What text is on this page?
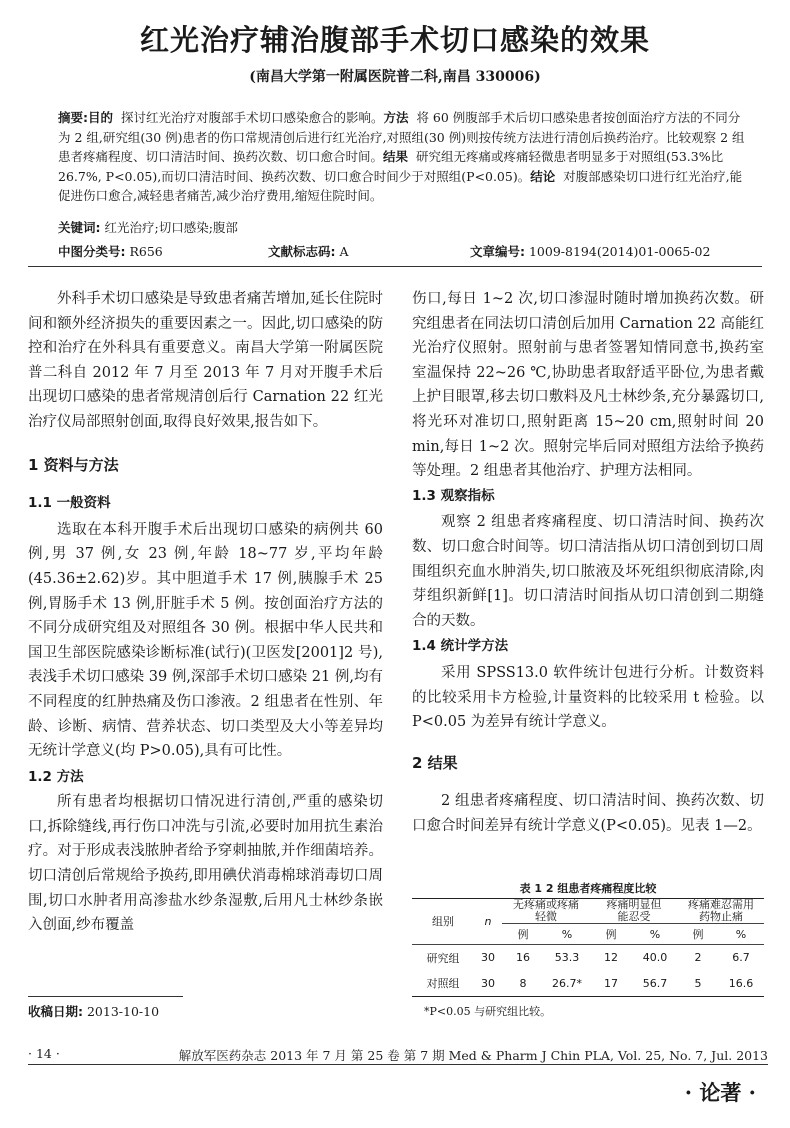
红光治疗辅治腹部手术切口感染的效果
(南昌大学第一附属医院普二科,南昌 330006)

摘要:目的 探讨红光治疗对腹部手术切口感染愈合的影响。方法 将 60 例腹部手术后切口感染患者按创面治疗方法的不同分为 2 组,研究组(30 例)患者的伤口常规清创后进行红光治疗,对照组(30 例)则按传统方法进行清创后换药治疗。比较观察 2 组患者疼痛程度、切口清洁时间、换药次数、切口愈合时间。结果 研究组无疼痛或疼痛轻微患者明显多于对照组(53.3%比 26.7%, P<0.05),而切口清洁时间、换药次数、切口愈合时间少于对照组(P<0.05)。结论 对腹部感染切口进行红光治疗,能促进伤口愈合,减轻患者痛苦,减少治疗费用,缩短住院时间。

关键词: 红光治疗;切口感染;腹部
中图分类号: R656	文献标志码: A	文章编号: 1009-8194(2014)01-0065-02

外科手术切口感染是导致患者痛苦增加,延长住院时间和额外经济损失的重要因素之一。因此,切口感染的防控和治疗在外科具有重要意义。南昌大学第一附属医院普二科自 2012 年 7 月至 2013 年 7 月对开腹手术后出现切口感染的患者常规清创后行 Carnation 22 红光治疗仪局部照射创面,取得良好效果,报告如下。

1 资料与方法
1.1 一般资料

选取在本科开腹手术后出现切口感染的病例共 60 例,男 37 例,女 23 例,年龄 18~77 岁,平均年龄(45.36±2.62)岁。其中胆道手术 17 例,胰腺手术 25 例,胃肠手术 13 例,肝脏手术 5 例。按创面治疗方法的不同分成研究组及对照组各 30 例。根据中华人民共和国卫生部医院感染诊断标准(试行)(卫医发[2001]2 号),表浅手术切口感染 39 例,深部手术切口感染 21 例,均有不同程度的红肿热痛及伤口渗液。2 组患者在性别、年龄、诊断、病情、营养状态、切口类型及大小等差异均无统计学意义(均 P>0.05),具有可比性。

1.2 方法

所有患者均根据切口情况进行清创,严重的感染切口,拆除缝线,再行伤口冲洗与引流,必要时加用抗生素治疗。对于形成表浅脓肿者给予穿刺抽脓,并作细菌培养。切口清创后常规给予换药,即用碘伏消毒棉球消毒切口周围,切口水肿者用高渗盐水纱条湿敷,后用凡士林纱条嵌入创面,纱布覆盖

伤口,每日 1~2 次,切口渗湿时随时增加换药次数。研究组患者在同法切口清创后加用 Carnation 22 高能红光治疗仪照射。照射前与患者签署知情同意书,换药室室温保持 22~26 ℃,协助患者取舒适平卧位,为患者戴上护目眼罩,移去切口敷料及凡士林纱条,充分暴露切口,将光环对准切口,照射距离 15~20 cm,照射时间 20 min,每日 1~2 次。照射完毕后同对照组方法给予换药等处理。2 组患者其他治疗、护理方法相同。

1.3 观察指标

观察 2 组患者疼痛程度、切口清洁时间、换药次数、切口愈合时间等。切口清洁指从切口清创到切口周围组织充血水肿消失,切口脓液及坏死组织彻底清除,肉芽组织新鲜[1]。切口清洁时间指从切口清创到二期缝合的天数。

1.4 统计学方法

采用 SPSS13.0 软件统计包进行分析。计数资料的比较采用卡方检验,计量资料的比较采用 t 检验。以 P<0.05 为差异有统计学意义。

2 结果

2 组患者疼痛程度、切口清洁时间、换药次数、切口愈合时间差异有统计学意义(P<0.05)。见表 1—2。

表 1 2 组患者疼痛程度比较
组别	n	无疼痛或疼痛轻微		疼痛明显但能忍受		疼痛难忍需用药物止痛	

		例	%	例	%	例	%
研究组	30	16	53.3	12	40.0	2	6.7
对照组	30	8	26.7*	17	56.7	5	16.6
*P<0.05 与研究组比较。
收稿日期: 2013-10-10
· 14 ·	解放军医药杂志 2013 年 7 月 第 25 卷 第 7 期 Med & Pharm J Chin PLA, Vol. 25, No. 7, Jul. 2013
· 论著 ·
